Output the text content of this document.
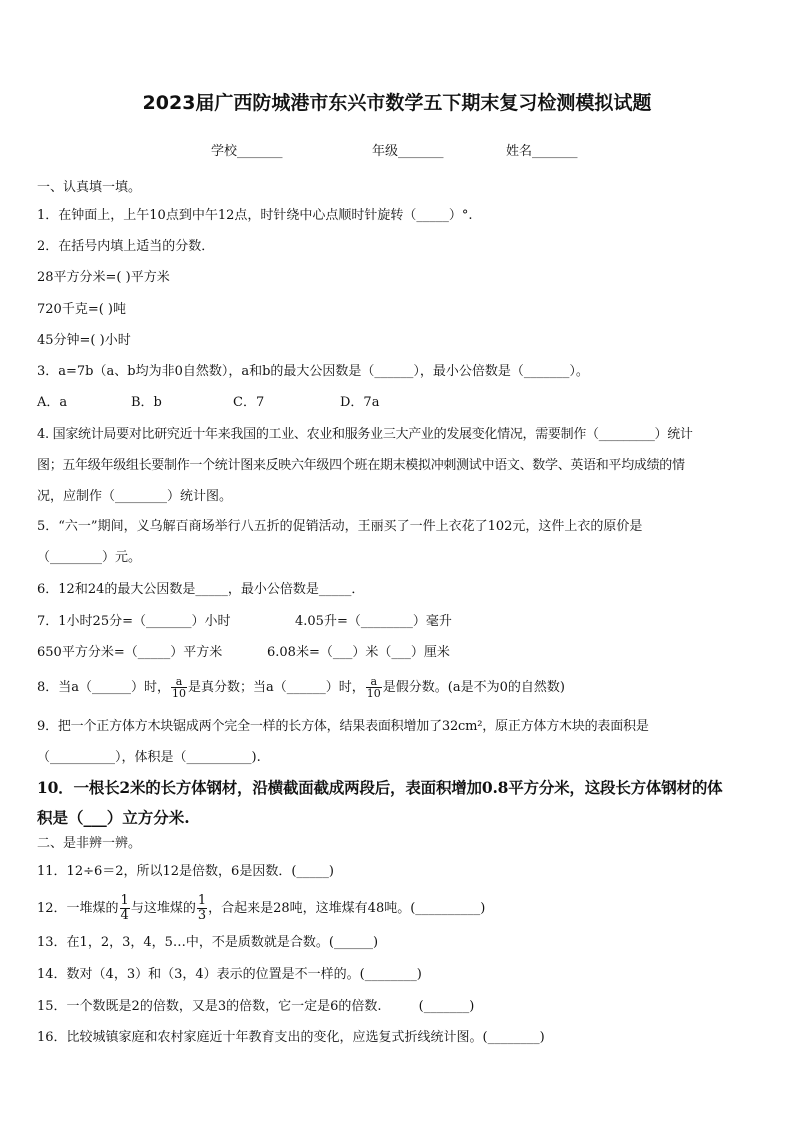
2023届广西防城港市东兴市数学五下期末复习检测模拟试题
学校_______	年级_______	姓名_______
一、认真填一填。
1．在钟面上，上午10点到中午12点，时针绕中心点顺时针旋转（_____）°.
2．在括号内填上适当的分数．
28平方分米=( )平方米
720千克=( )吨
45分钟=( )小时
3．a=7b（a、b均为非0自然数），a和b的最大公因数是（______），最小公倍数是（_______）。
A．a	B．b	C．7	D．7a
4. 国家统计局要对比研究近十年来我国的工业、农业和服务业三大产业的发展变化情况，需要制作（_________）统计
图；五年级年级组长要制作一个统计图来反映六年级四个班在期末模拟冲刺测试中语文、数学、英语和平均成绩的情
况，应制作（________）统计图。
5．“六一”期间，义乌解百商场举行八五折的促销活动，王丽买了一件上衣花了102元，这件上衣的原价是
（________）元。
6．12和24的最大公因数是_____，最小公倍数是_____．
7．1小时25分=（_______）小时	4.05升=（________）毫升
650平方分米=（_____）平方米	6.08米=（___）米（___）厘米
8．当a（______）时， $\frac{a}{10}$ 是真分数；当a（______）时， $\frac{a}{10}$ 是假分数。(a是不为0的自然数)
9．把一个正方体方木块锯成两个完全一样的长方体，结果表面积增加了32cm²，原正方体方木块的表面积是
（__________），体积是（__________).
10．一根长2米的长方体钢材，沿横截面截成两段后，表面积增加0.8平方分米，这段长方体钢材的体
积是（___）立方分米.
二、是非辨一辨。
11．12÷6＝2，所以12是倍数，6是因数．(_____)
12．一堆煤的 $\frac{1}{4}$ 与这堆煤的 $\frac{1}{3}$ ，合起来是28吨，这堆煤有48吨。(__________)
13．在1，2，3，4，5…中，不是质数就是合数。(______)
14．数对（4，3）和（3，4）表示的位置是不一样的。(________)
15．一个数既是2的倍数，又是3的倍数，它一定是6的倍数.         (_______)
16．比较城镇家庭和农村家庭近十年教育支出的变化，应选复式折线统计图。(________)
